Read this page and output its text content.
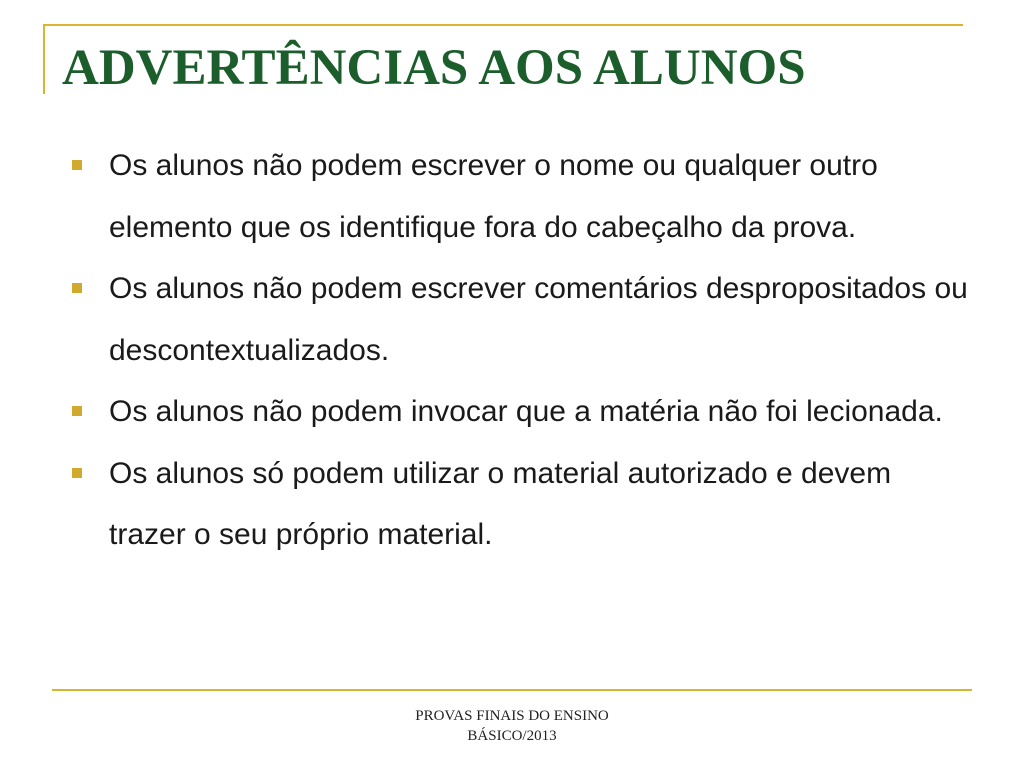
ADVERTÊNCIAS AOS ALUNOS
Os alunos não podem escrever o nome ou qualquer outro elemento que os identifique fora do cabeçalho da prova.
Os alunos não podem escrever comentários despropositados ou descontextualizados.
Os alunos não podem invocar que a matéria não foi lecionada.
Os alunos só podem utilizar o material autorizado e devem trazer o seu próprio material.
PROVAS FINAIS DO ENSINO
BÁSICO/2013
